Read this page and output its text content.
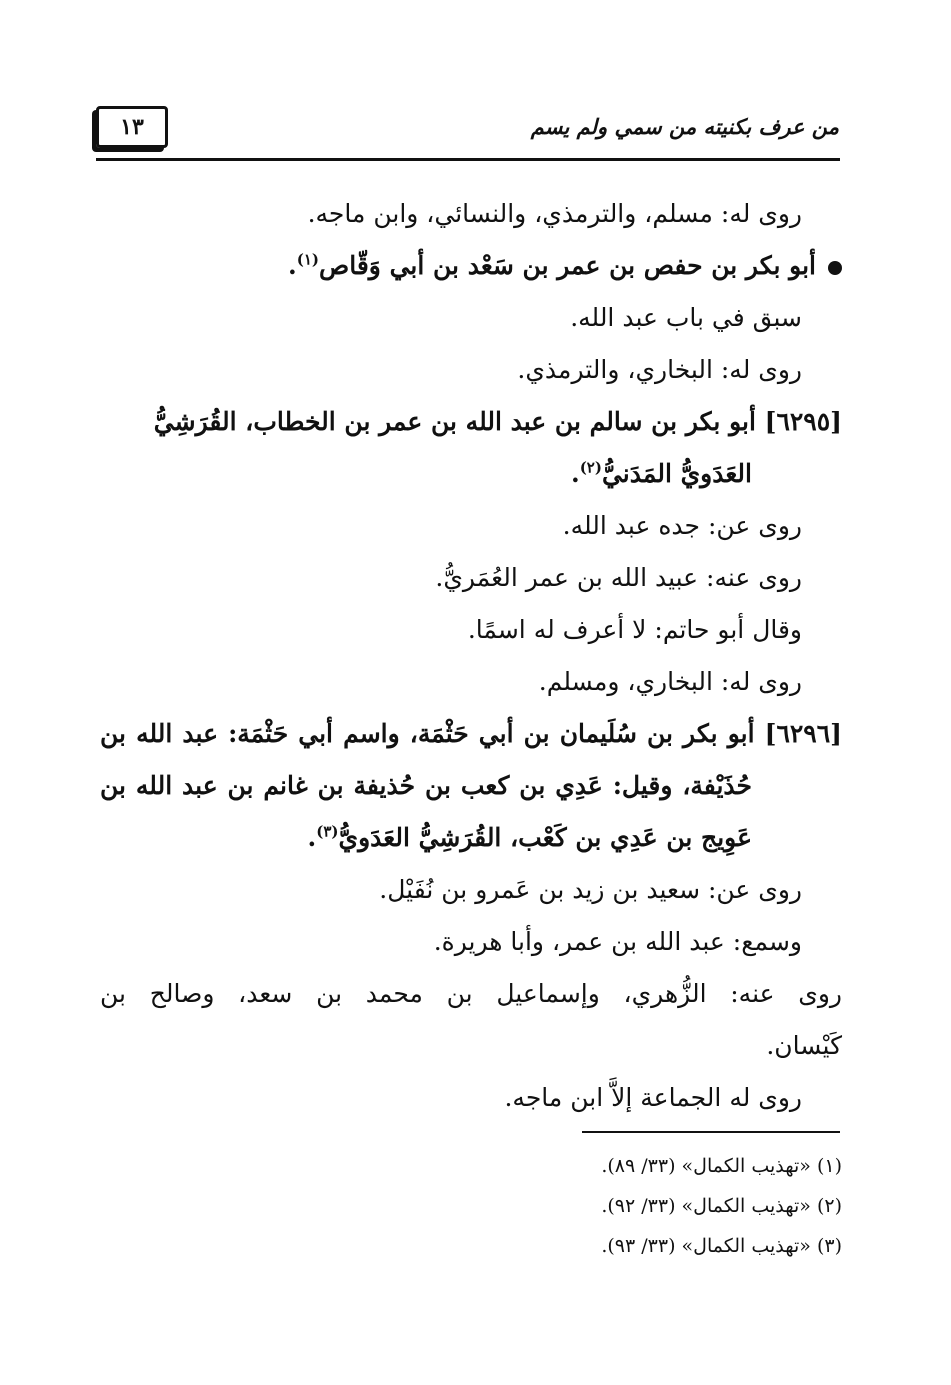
من عرف بكنيته من سمي ولم يسم
١٣
روى له: مسلم، والترمذي، والنسائي، وابن ماجه.
أبو بكر بن حفص بن عمر بن سَعْد بن أبي وَقّاص$^{(١)}$.
سبق في باب عبد الله.
روى له: البخاري، والترمذي.
[٦٢٩٥] أبو بكر بن سالم بن عبد الله بن عمر بن الخطاب، القُرَشِيُّ
العَدَويُّ المَدَنيُّ$^{(٢)}$.
روى عن: جده عبد الله.
روى عنه: عبيد الله بن عمر العُمَريُّ.
وقال أبو حاتم: لا أعرف له اسمًا.
روى له: البخاري، ومسلم.
[٦٢٩٦] أبو بكر بن سُلَيمان بن أبي حَثْمَة، واسم أبي حَثْمَة: عبد الله بن
حُذَيْفة، وقيل: عَدِي بن كعب بن حُذيفة بن غانم بن عبد الله بن
عَوِيج بن عَدِي بن كَعْب، القُرَشِيُّ العَدَويُّ$^{(٣)}$.
روى عن: سعيد بن زيد بن عَمرو بن نُفَيْل.
وسمع: عبد الله بن عمر، وأبا هريرة.
روى عنه: الزُّهري، وإسماعيل بن محمد بن سعد، وصالح بن
كَيْسان.
روى له الجماعة إلاَّ ابن ماجه.
(١) «تهذيب الكمال» (٣٣/ ٨٩).
(٢) «تهذيب الكمال» (٣٣/ ٩٢).
(٣) «تهذيب الكمال» (٣٣/ ٩٣).
